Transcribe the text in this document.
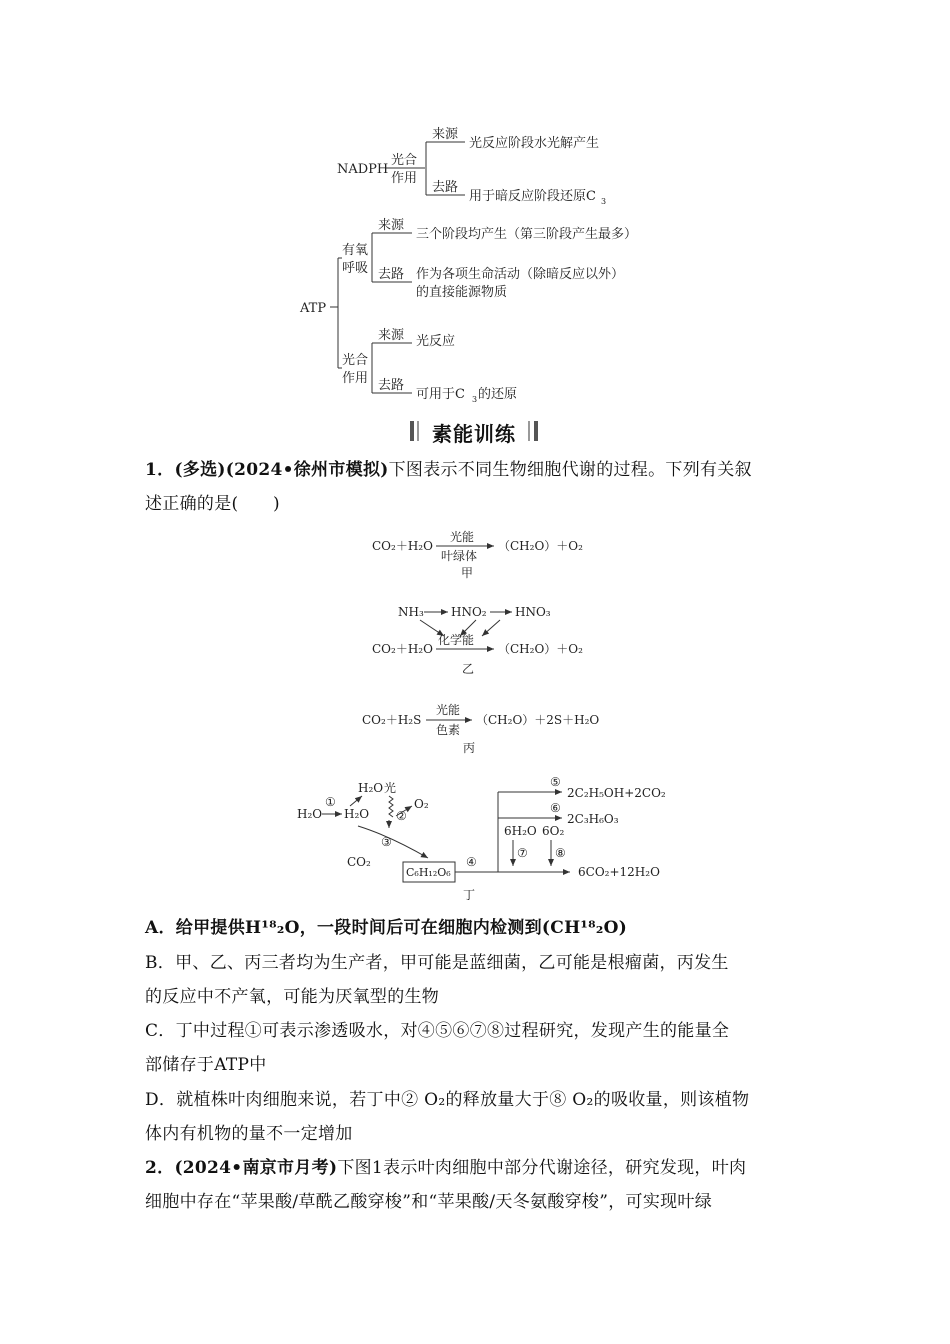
NADPH
光合
作用
来源
光反应阶段水光解产生
去路
用于暗反应阶段还原C 3
ATP
有氧
呼吸
来源
三个阶段均产生（第三阶段产生最多）
去路 作为各项生命活动（除暗反应以外）
的直接能源物质
光合
作用
来源 光反应
去路
可用于C 3 的还原
素能训练
1．(多选)(2024•徐州市模拟)下图表示不同生物细胞代谢的过程。下列有关叙
述正确的是(　　)
CO₂＋H₂O
光能
叶绿体
（CH₂O）＋O₂
甲
NH₃ HNO₂ HNO₃
化学能
CO₂＋H₂O	（CH₂O）＋O₂
乙
CO₂＋H₂S
光能
色素
（CH₂O）＋2S＋H₂O
丙
H₂O
①
H₂O
H₂O 光
O₂
②
③
CO₂
C₆H₁₂O₆
④
⑤
2C₂H₅OH+2CO₂
⑥
2C₃H₆O₃
6H₂O
⑦
6O₂
⑧
6CO₂+12H₂O
丁
A．给甲提供H¹⁸₂O，一段时间后可在细胞内检测到(CH¹⁸₂O)
B．甲、乙、丙三者均为生产者，甲可能是蓝细菌，乙可能是根瘤菌，丙发生
的反应中不产氧，可能为厌氧型的生物
C．丁中过程①可表示渗透吸水，对④⑤⑥⑦⑧过程研究，发现产生的能量全
部储存于ATP中
D．就植株叶肉细胞来说，若丁中② O₂的释放量大于⑧ O₂的吸收量，则该植物
体内有机物的量不一定增加
2．(2024•南京市月考)下图1表示叶肉细胞中部分代谢途径，研究发现，叶肉
细胞中存在“苹果酸/草酰乙酸穿梭”和“苹果酸/天冬氨酸穿梭”，可实现叶绿
